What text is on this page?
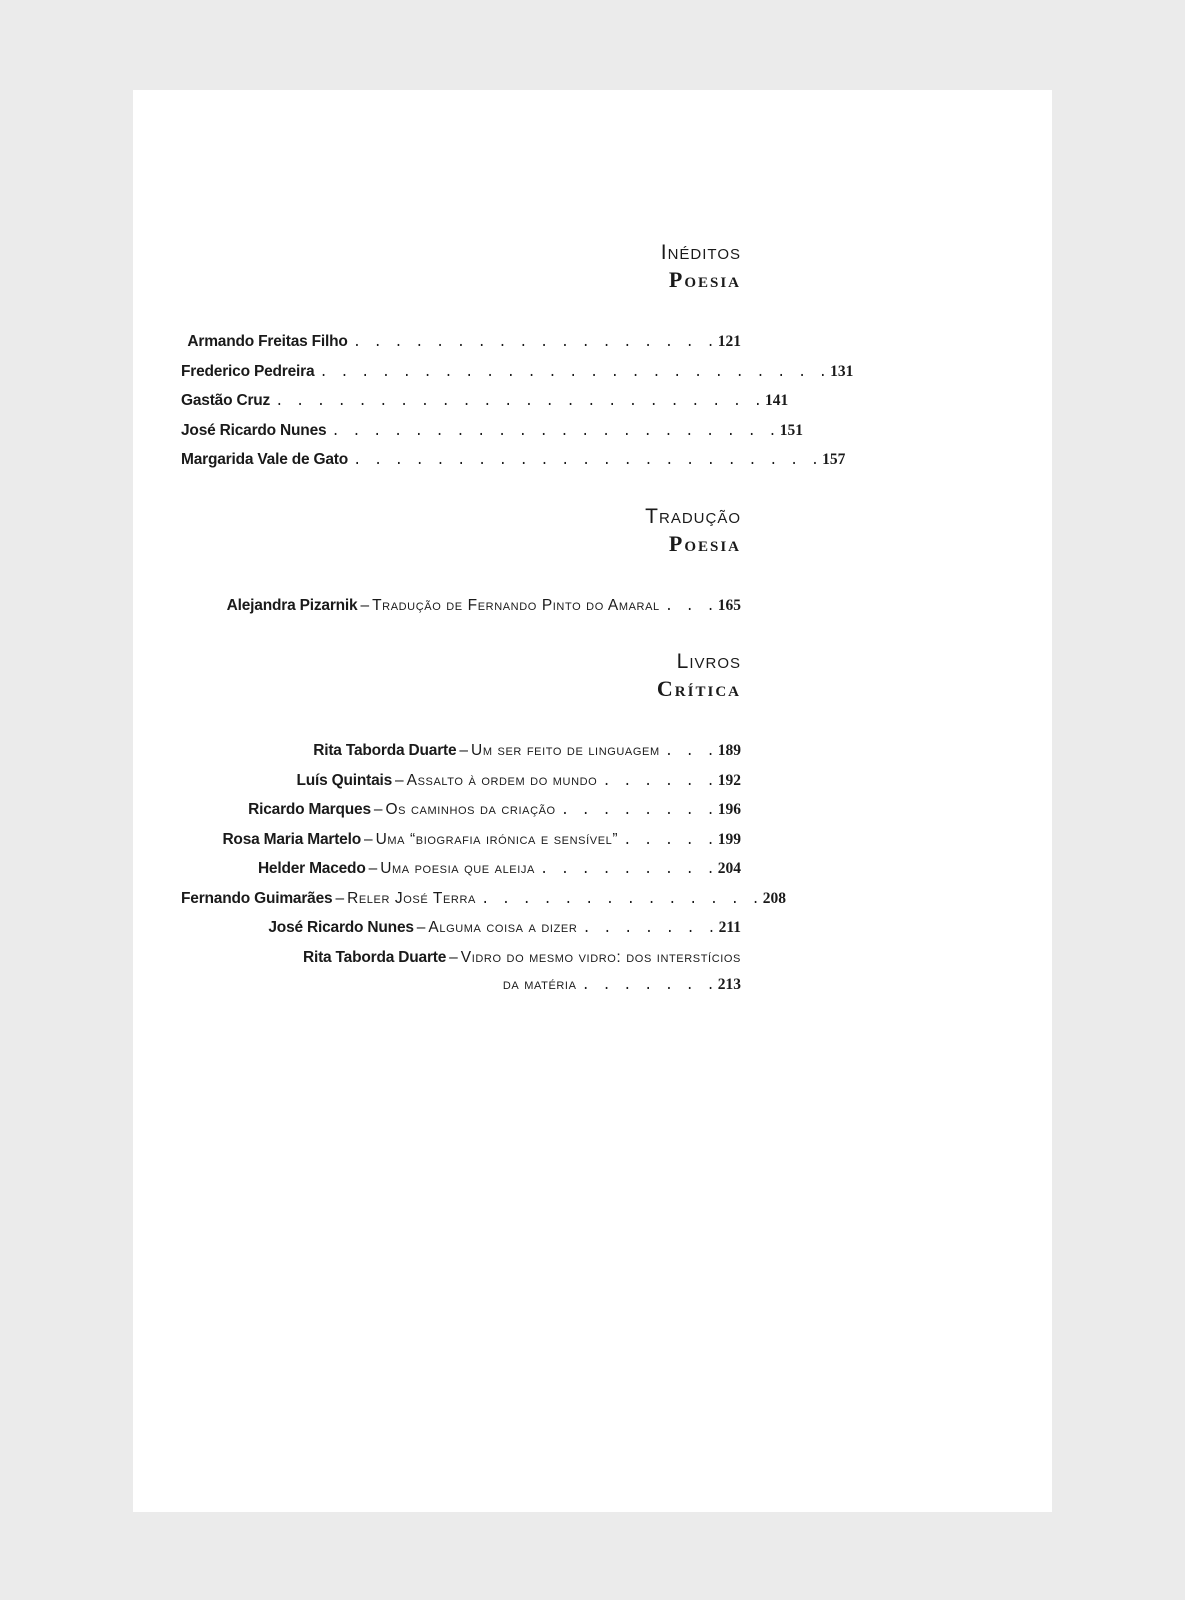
Inéditos
Poesia
Armando Freitas Filho . . . . . . . . . . . . . . . . . .121
Frederico Pedreira . . . . . . . . . . . . . . . . . . . . . . . . .131
Gastão Cruz . . . . . . . . . . . . . . . . . . . . . . . .141
José Ricardo Nunes . . . . . . . . . . . . . . . . . . . . . .151
Margarida Vale de Gato . . . . . . . . . . . . . . . . . . . . . . .157
Tradução
Poesia
Alejandra Pizarnik – Tradução de Fernando Pinto do Amaral . . .165
Livros
Crítica
Rita Taborda Duarte – Um ser feito de linguagem . . .189
Luís Quintais – Assalto à ordem do mundo . . . . . .192
Ricardo Marques – Os caminhos da criação . . . . . . . .196
Rosa Maria Martelo – Uma “biografia irónica e sensível” . . . . .199
Helder Macedo – Uma poesia que aleija . . . . . . . . .204
Fernando Guimarães – Reler José Terra . . . . . . . . . . . . . .208
José Ricardo Nunes – Alguma coisa a dizer . . . . . . .211
Rita Taborda Duarte – Vidro do mesmo vidro: dos interstícios
da matéria . . . . . . .213
